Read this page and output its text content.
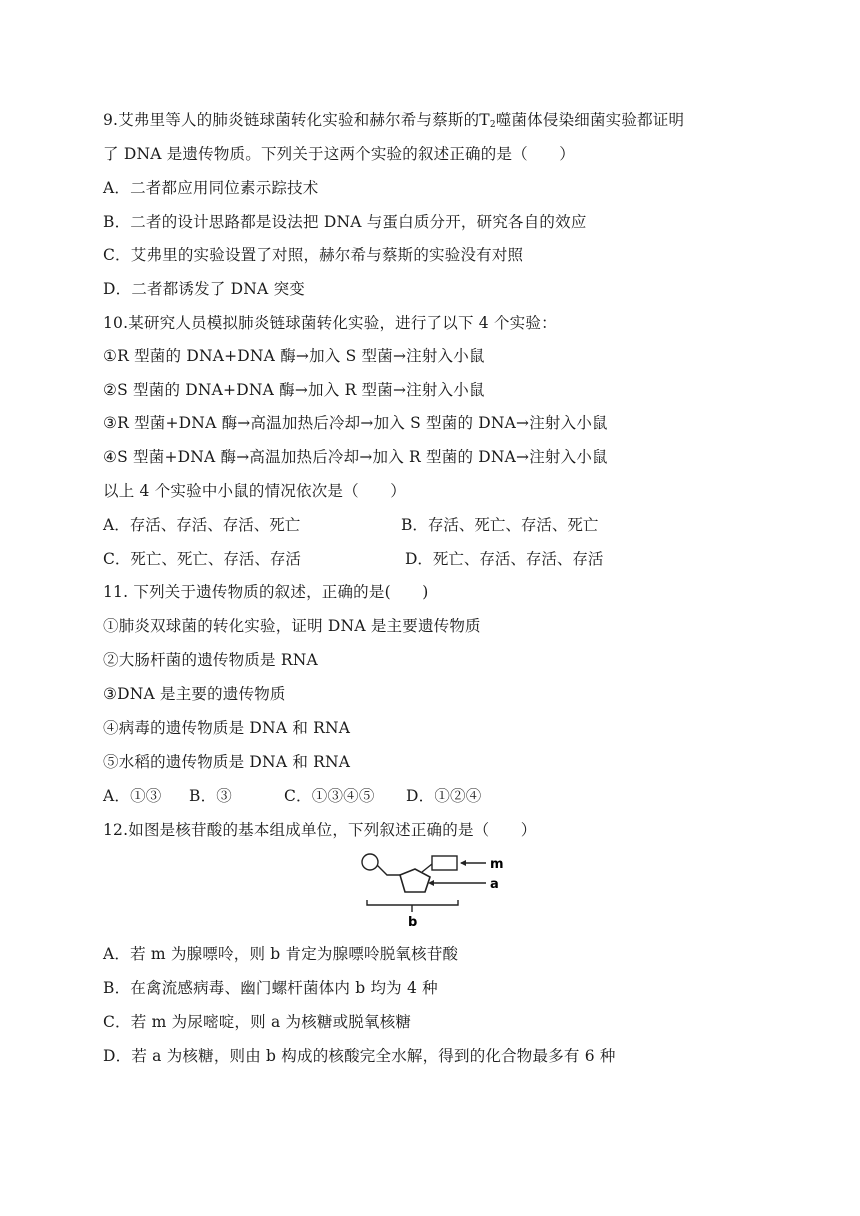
9.艾弗里等人的肺炎链球菌转化实验和赫尔希与蔡斯的$T_2$噬菌体侵染细菌实验都证明
了 DNA 是遗传物质。下列关于这两个实验的叙述正确的是（　　）
A．二者都应用同位素示踪技术
B．二者的设计思路都是设法把 DNA 与蛋白质分开，研究各自的效应
C．艾弗里的实验设置了对照，赫尔希与蔡斯的实验没有对照
D．二者都诱发了 DNA 突变
10.某研究人员模拟肺炎链球菌转化实验，进行了以下 4 个实验：
①R 型菌的 DNA+DNA 酶→加入 S 型菌→注射入小鼠
②S 型菌的 DNA+DNA 酶→加入 R 型菌→注射入小鼠
③R 型菌+DNA 酶→高温加热后冷却→加入 S 型菌的 DNA→注射入小鼠
④S 型菌+DNA 酶→高温加热后冷却→加入 R 型菌的 DNA→注射入小鼠
以上 4 个实验中小鼠的情况依次是（　　）
A．存活、存活、存活、死亡	B．存活、死亡、存活、死亡
C．死亡、死亡、存活、存活	D．死亡、存活、存活、存活
11. 下列关于遗传物质的叙述，正确的是(　　)
①肺炎双球菌的转化实验，证明 DNA 是主要遗传物质
②大肠杆菌的遗传物质是 RNA
③DNA 是主要的遗传物质
④病毒的遗传物质是 DNA 和 RNA
⑤水稻的遗传物质是 DNA 和 RNA
A．①③ B．③	C．①③④⑤ D．①②④
12.如图是核苷酸的基本组成单位，下列叙述正确的是（　　）
m
a
b
A．若 m 为腺嘌呤，则 b 肯定为腺嘌呤脱氧核苷酸
B．在禽流感病毒、幽门螺杆菌体内 b 均为 4 种
C．若 m 为尿嘧啶，则 a 为核糖或脱氧核糖
D．若 a 为核糖，则由 b 构成的核酸完全水解，得到的化合物最多有 6 种
